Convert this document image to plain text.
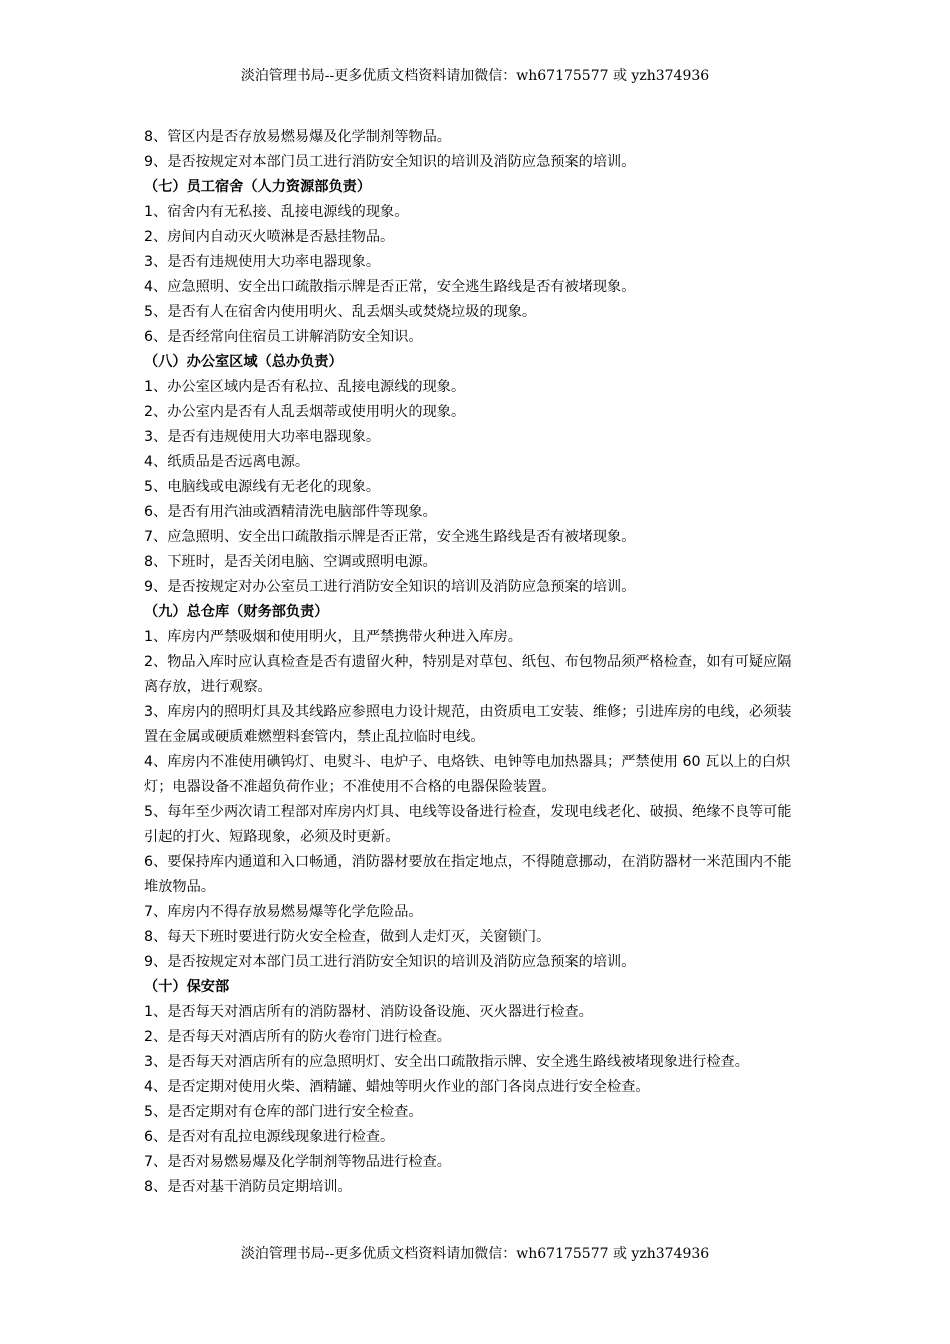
淡泊管理书局--更多优质文档资料请加微信：wh67175577 或 yzh374936

8、管区内是否存放易燃易爆及化学制剂等物品。

9、是否按规定对本部门员工进行消防安全知识的培训及消防应急预案的培训。

（七）员工宿舍（人力资源部负责）

1、宿舍内有无私接、乱接电源线的现象。

2、房间内自动灭火喷淋是否悬挂物品。

3、是否有违规使用大功率电器现象。

4、应急照明、安全出口疏散指示牌是否正常，安全逃生路线是否有被堵现象。

5、是否有人在宿舍内使用明火、乱丢烟头或焚烧垃圾的现象。

6、是否经常向住宿员工讲解消防安全知识。

（八）办公室区域（总办负责）

1、办公室区域内是否有私拉、乱接电源线的现象。

2、办公室内是否有人乱丢烟蒂或使用明火的现象。

3、是否有违规使用大功率电器现象。

4、纸质品是否远离电源。

5、电脑线或电源线有无老化的现象。

6、是否有用汽油或酒精清洗电脑部件等现象。

7、应急照明、安全出口疏散指示牌是否正常，安全逃生路线是否有被堵现象。

8、下班时，是否关闭电脑、空调或照明电源。

9、是否按规定对办公室员工进行消防安全知识的培训及消防应急预案的培训。

（九）总仓库（财务部负责）

1、库房内严禁吸烟和使用明火，且严禁携带火种进入库房。

2、物品入库时应认真检查是否有遗留火种，特别是对草包、纸包、布包物品须严格检查，如有可疑应隔离存放，进行观察。

3、库房内的照明灯具及其线路应参照电力设计规范，由资质电工安装、维修；引进库房的电线，必须装置在金属或硬质难燃塑料套管内，禁止乱拉临时电线。

4、库房内不准使用碘钨灯、电熨斗、电炉子、电烙铁、电钟等电加热器具；严禁使用 60 瓦以上的白炽灯；电器设备不准超负荷作业；不准使用不合格的电器保险装置。

5、每年至少两次请工程部对库房内灯具、电线等设备进行检查，发现电线老化、破损、绝缘不良等可能引起的打火、短路现象，必须及时更新。

6、要保持库内通道和入口畅通，消防器材要放在指定地点，不得随意挪动，在消防器材一米范围内不能堆放物品。

7、库房内不得存放易燃易爆等化学危险品。

8、每天下班时要进行防火安全检查，做到人走灯灭，关窗锁门。

9、是否按规定对本部门员工进行消防安全知识的培训及消防应急预案的培训。

（十）保安部

1、是否每天对酒店所有的消防器材、消防设备设施、灭火器进行检查。

2、是否每天对酒店所有的防火卷帘门进行检查。

3、是否每天对酒店所有的应急照明灯、安全出口疏散指示牌、安全逃生路线被堵现象进行检查。

4、是否定期对使用火柴、酒精罐、蜡烛等明火作业的部门各岗点进行安全检查。

5、是否定期对有仓库的部门进行安全检查。

6、是否对有乱拉电源线现象进行检查。

7、是否对易燃易爆及化学制剂等物品进行检查。

8、是否对基干消防员定期培训。

淡泊管理书局--更多优质文档资料请加微信：wh67175577 或 yzh374936
